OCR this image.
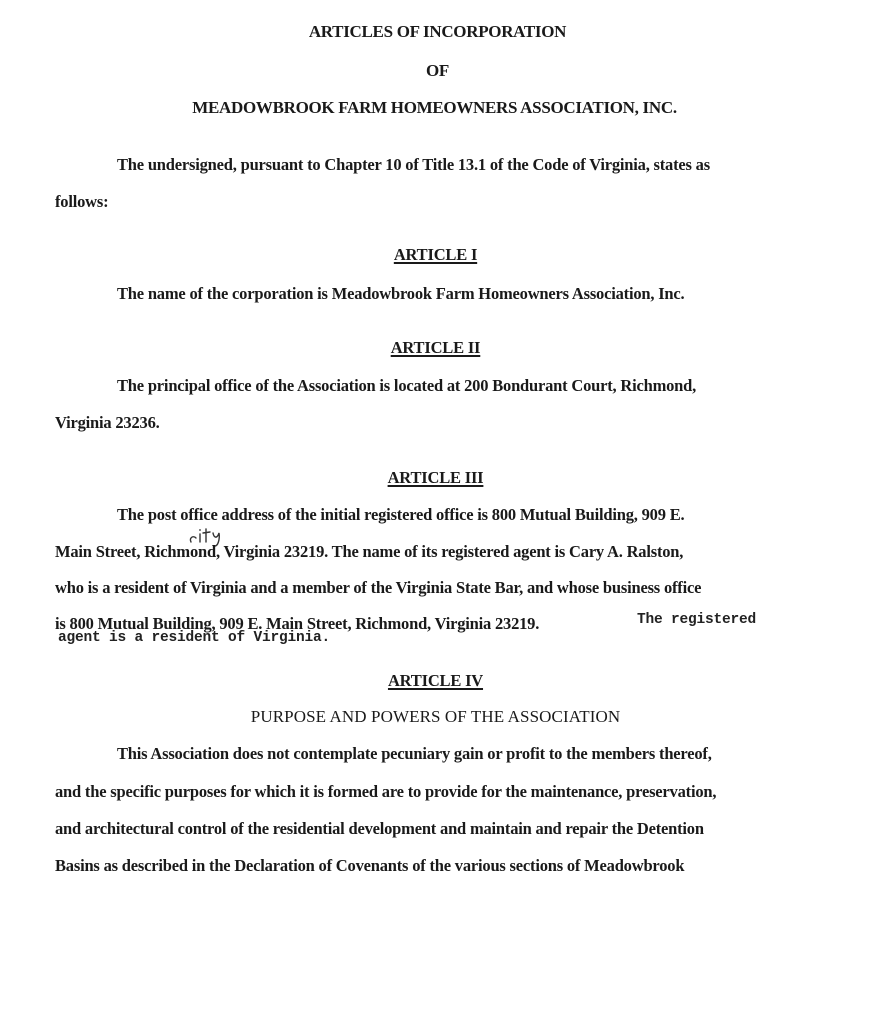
ARTICLES OF INCORPORATION
OF
MEADOWBROOK FARM HOMEOWNERS ASSOCIATION, INC.
The undersigned, pursuant to Chapter 10 of Title 13.1 of the Code of Virginia, states as
follows:
ARTICLE I
The name of the corporation is Meadowbrook Farm Homeowners Association, Inc.
ARTICLE II
The principal office of the Association is located at 200 Bondurant Court, Richmond,
Virginia 23236.
ARTICLE III
The post office address of the initial registered office is 800 Mutual Building, 909 E.
Main Street, Richmond, Virginia 23219. The name of its registered agent is Cary A. Ralston,
who is a resident of Virginia and a member of the Virginia State Bar, and whose business office
is 800 Mutual Building, 909 E. Main Street, Richmond, Virginia 23219.	The registered
agent is a resident of Virginia.
ARTICLE IV
PURPOSE AND POWERS OF THE ASSOCIATION
This Association does not contemplate pecuniary gain or profit to the members thereof,
and the specific purposes for which it is formed are to provide for the maintenance, preservation,
and architectural control of the residential development and maintain and repair the Detention
Basins as described in the Declaration of Covenants of the various sections of Meadowbrook
